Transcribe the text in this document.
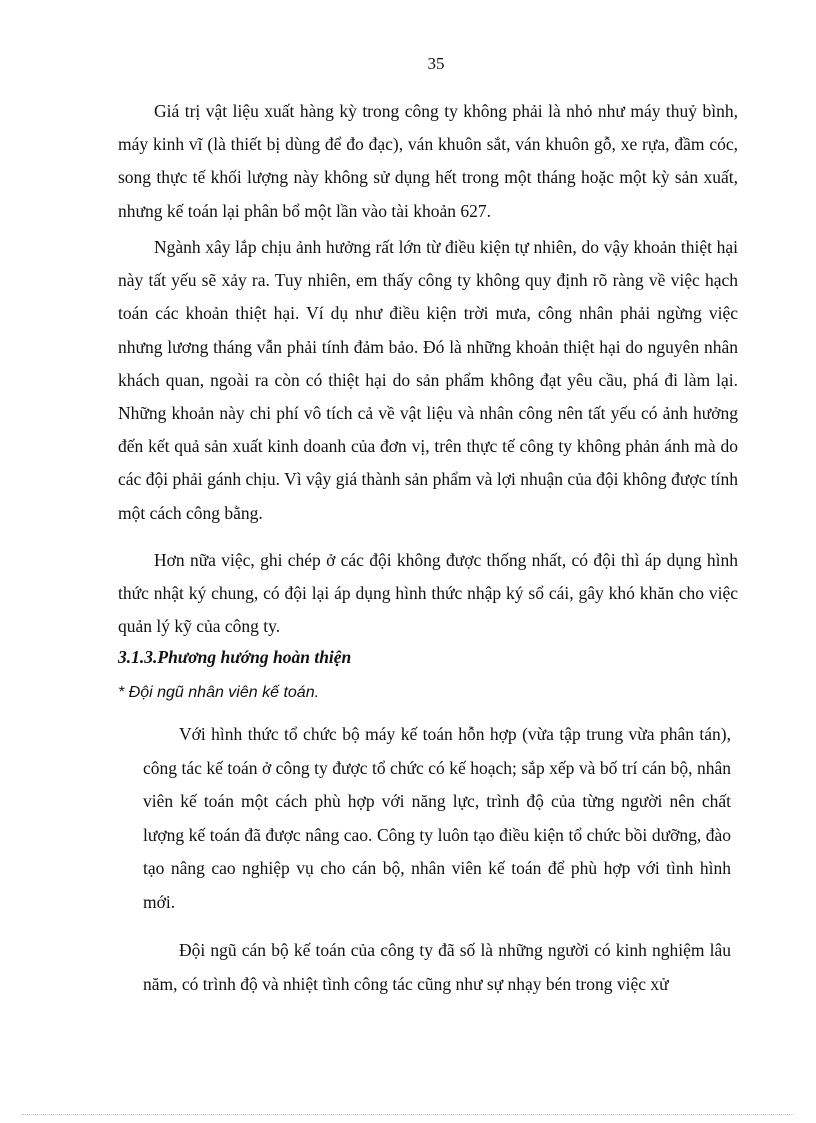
35

Giá trị vật liệu xuất hàng kỳ trong công ty không phải là nhỏ như máy thuỷ bình, máy kinh vĩ (là thiết bị dùng để đo đạc), ván khuôn sắt, ván khuôn gỗ, xe rựa, đầm cóc, song thực tế khối lượng này không sử dụng hết trong một tháng hoặc một kỳ sản xuất, nhưng kế toán lại phân bổ một lần vào tài khoản 627.

Ngành xây lắp chịu ảnh hưởng rất lớn từ điều kiện tự nhiên, do vậy khoản thiệt hại này tất yếu sẽ xảy ra. Tuy nhiên, em thấy công ty không quy định rõ ràng về việc hạch toán các khoản thiệt hại. Ví dụ như điều kiện trời mưa, công nhân phải ngừng việc nhưng lương tháng vẫn phải tính đảm bảo. Đó là những khoản thiệt hại do nguyên nhân khách quan, ngoài ra còn có thiệt hại do sản phẩm không đạt yêu cầu, phá đi làm lại. Những khoản này chi phí vô tích cả về vật liệu và nhân công nên tất yếu có ảnh hưởng đến kết quả sản xuất kinh doanh của đơn vị, trên thực tế công ty không phản ánh mà do các đội phải gánh chịu. Vì vậy giá thành sản phẩm và lợi nhuận của đội không được tính một cách công bằng.

Hơn nữa việc, ghi chép ở các đội không được thống nhất, có đội thì áp dụng hình thức nhật ký chung, có đội lại áp dụng hình thức nhập ký sổ cái, gây khó khăn cho việc quản lý kỹ của công ty.

3.1.3.Phương hướng hoàn thiện

* Đội ngũ nhân viên kế toán.

Với hình thức tổ chức bộ máy kế toán hỗn hợp (vừa tập trung vừa phân tán), công tác kế toán ở công ty được tổ chức có kế hoạch; sắp xếp và bố trí cán bộ, nhân viên kế toán một cách phù hợp với năng lực, trình độ của từng người nên chất lượng kế toán đã được nâng cao. Công ty luôn tạo điều kiện tổ chức bồi dưỡng, đào tạo nâng cao nghiệp vụ cho cán bộ, nhân viên kế toán để phù hợp với tình hình mới.

Đội ngũ cán bộ kế toán của công ty đã số là những người có kinh nghiệm lâu năm, có trình độ và nhiệt tình công tác cũng như sự nhạy bén trong việc xử
